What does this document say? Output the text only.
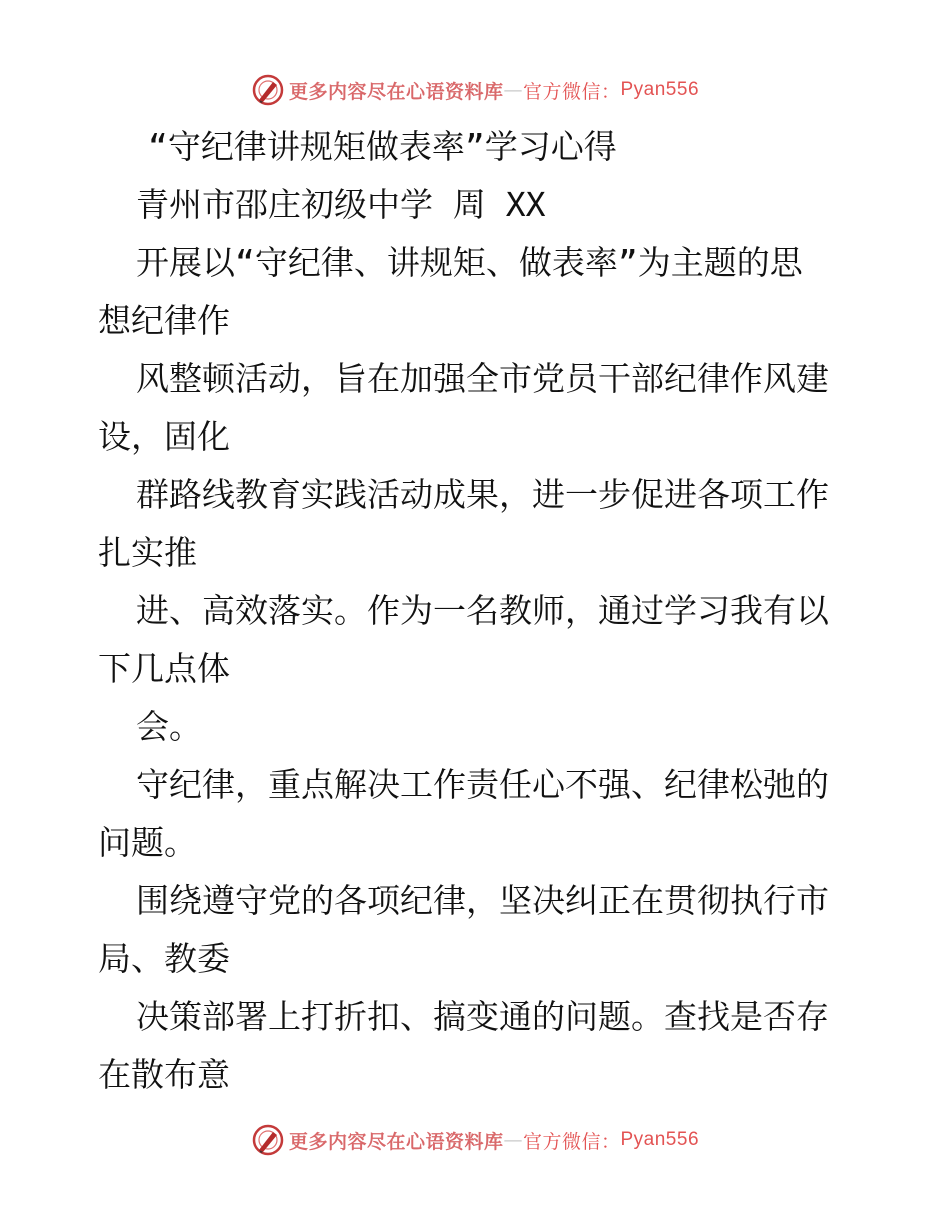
更多内容尽在心语资料库 — 官方微信： Pyan556
“守纪律讲规矩做表率”学习心得
青州市邵庄初级中学 周 XX
开展以“守纪律、讲规矩、做表率”为主题的思
想纪律作
风整顿活动，旨在加强全市党员干部纪律作风建
设，固化
群路线教育实践活动成果，进一步促进各项工作
扎实推
进、高效落实。作为一名教师，通过学习我有以
下几点体
会。
守纪律，重点解决工作责任心不强、纪律松弛的
问题。
围绕遵守党的各项纪律，坚决纠正在贯彻执行市
局、教委
决策部署上打折扣、搞变通的问题。查找是否存
在散布意
更多内容尽在心语资料库 — 官方微信： Pyan556
